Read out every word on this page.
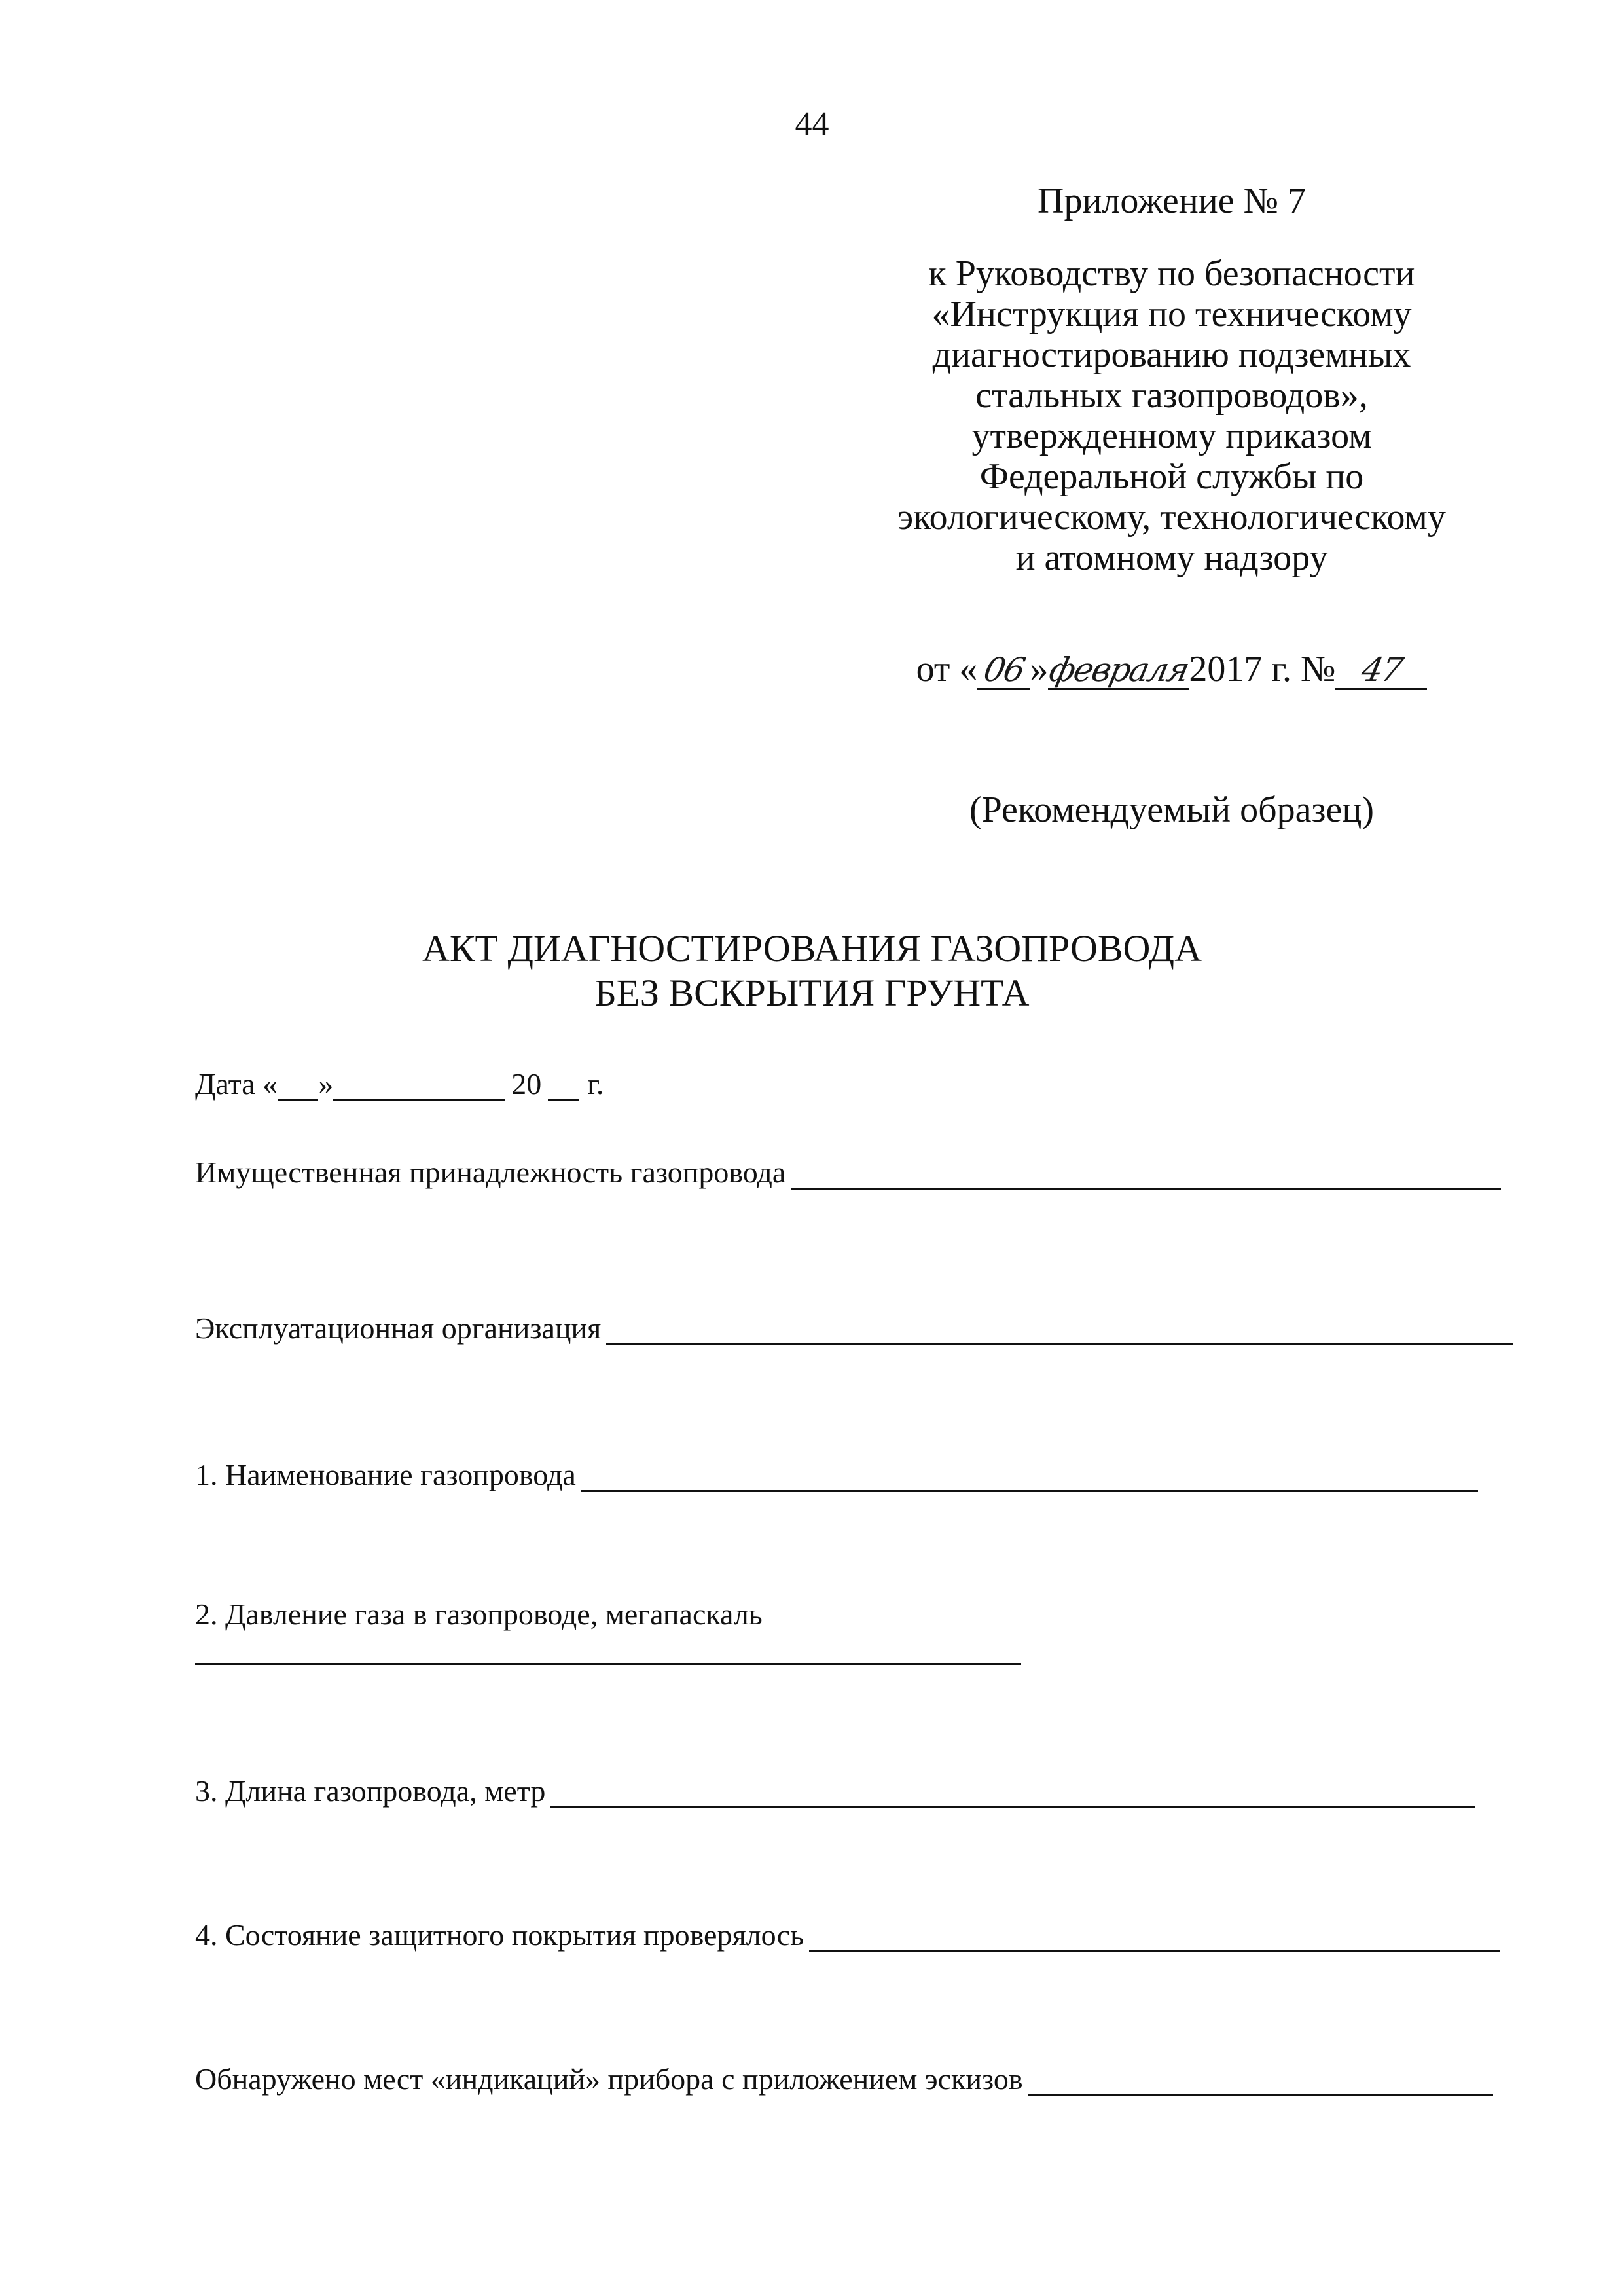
44
Приложение № 7
к Руководству по безопасности
«Инструкция по техническому
диагностированию подземных
стальных газопроводов»,
утвержденному приказом
Федеральной службы по
экологическому, технологическому
и атомному надзору
от «06»февраля2017 г. № 47
(Рекомендуемый образец)
АКТ ДИАГНОСТИРОВАНИЯ ГАЗОПРОВОДА
БЕЗ ВСКРЫТИЯ ГРУНТА
Дата « »	20 г.
Имущественная принадлежность газопровода
Эксплуатационная организация
1. Наименование газопровода
2. Давление газа в газопроводе, мегапаскаль
3. Длина газопровода, метр
4. Состояние защитного покрытия проверялось
Обнаружено мест «индикаций» прибора с приложением эскизов
